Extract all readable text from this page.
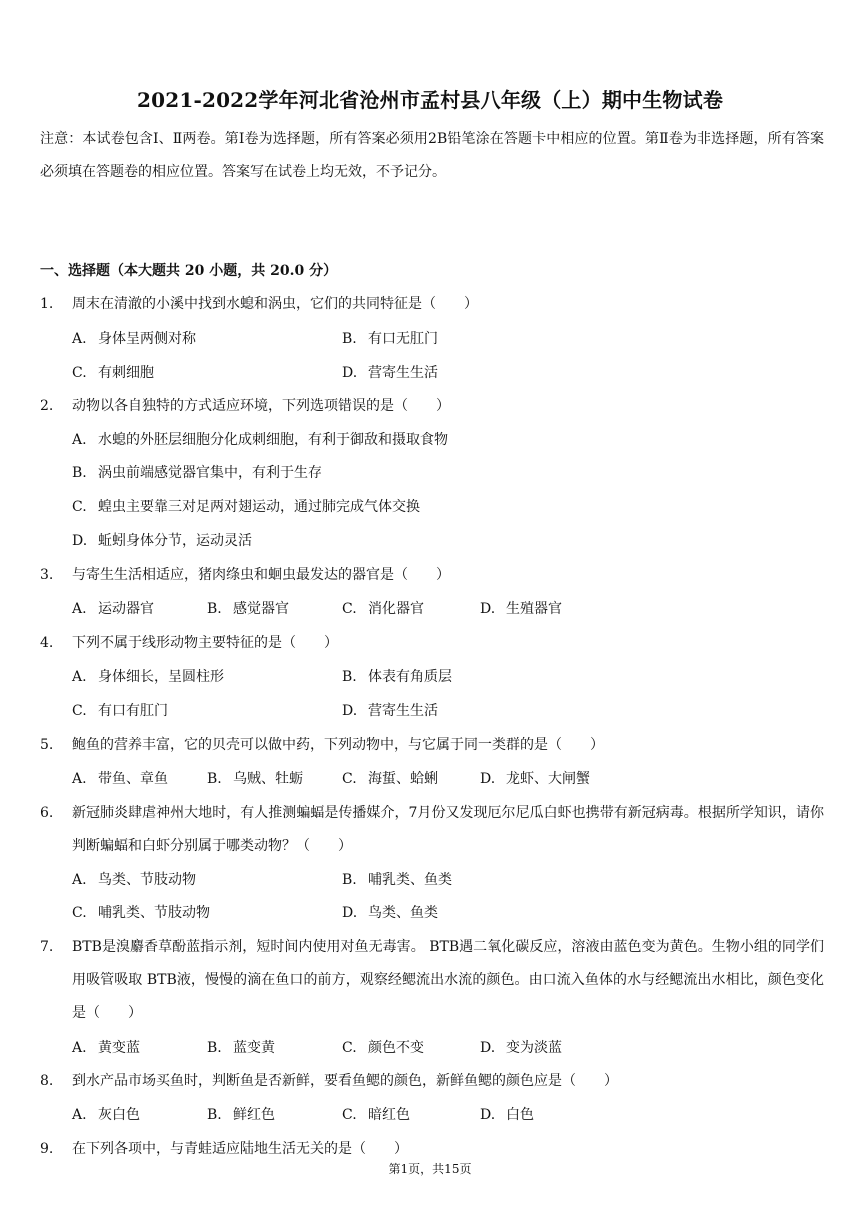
2021-2022学年河北省沧州市孟村县八年级（上）期中生物试卷
注意：本试卷包含Ⅰ、Ⅱ两卷。第Ⅰ卷为选择题，所有答案必须用2B铅笔涂在答题卡中相应的位置。第Ⅱ卷为非选择题，所有答案必须填在答题卷的相应位置。答案写在试卷上均无效，不予记分。
一、选择题（本大题共 20 小题，共 20.0 分）
1.	周末在清澈的小溪中找到水螅和涡虫，它们的共同特征是（　　）
A. 身体呈两侧对称	B. 有口无肛门
C. 有刺细胞	D. 营寄生生活
2.	动物以各自独特的方式适应环境，下列选项错误的是（　　）
A. 水螅的外胚层细胞分化成刺细胞，有利于御敌和摄取食物
B. 涡虫前端感觉器官集中，有利于生存
C. 蝗虫主要靠三对足两对翅运动，通过肺完成气体交换
D. 蚯蚓身体分节，运动灵活
3.	与寄生生活相适应，猪肉绦虫和蛔虫最发达的器官是（　　）
A. 运动器官	B. 感觉器官	C. 消化器官	D. 生殖器官
4.	下列不属于线形动物主要特征的是（　　）
A. 身体细长，呈圆柱形	B. 体表有角质层
C. 有口有肛门	D. 营寄生生活
5.	鲍鱼的营养丰富，它的贝壳可以做中药，下列动物中，与它属于同一类群的是（　　）
A. 带鱼、章鱼	B. 乌贼、牡蛎	C. 海蜇、蛤蜊	D. 龙虾、大闸蟹
6.	新冠肺炎肆虐神州大地时，有人推测蝙蝠是传播媒介，7月份又发现厄尔尼瓜白虾也携带有新冠病毒。根据所学知识，请你判断蝙蝠和白虾分别属于哪类动物？（　　）
A. 鸟类、节肢动物	B. 哺乳类、鱼类
C. 哺乳类、节肢动物	D. 鸟类、鱼类
7.	BTB是溴麝香草酚蓝指示剂，短时间内使用对鱼无毒害。 BTB遇二氧化碳反应，溶液由蓝色变为黄色。生物小组的同学们用吸管吸取 BTB液，慢慢的滴在鱼口的前方，观察经鳃流出水流的颜色。由口流入鱼体的水与经鳃流出水相比，颜色变化是（　　）
A. 黄变蓝	B. 蓝变黄	C. 颜色不变	D. 变为淡蓝
8.	到水产品市场买鱼时，判断鱼是否新鲜，要看鱼鳃的颜色，新鲜鱼鳃的颜色应是（　　）
A. 灰白色	B. 鲜红色	C. 暗红色	D. 白色
9.	在下列各项中，与青蛙适应陆地生活无关的是（　　）
第1页，共15页
